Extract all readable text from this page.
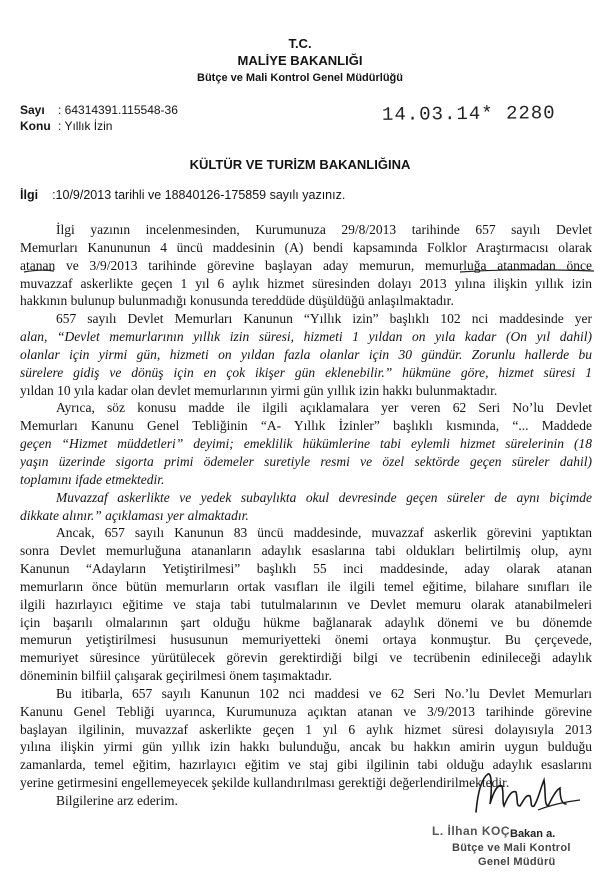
T.C.
MALİYE BAKANLIĞI
Bütçe ve Mali Kontrol Genel Müdürlüğü
Sayı : 64314391.115548-36
Konu : Yıllık İzin
14.03.14* 2280
KÜLTÜR VE TURİZM BAKANLIĞINA
İlgi :10/9/2013 tarihli ve 18840126-175859 sayılı yazınız.
İlgi yazının incelenmesinden, Kurumunuza 29/8/2013 tarihinde 657 sayılı Devlet
Memurları Kanununun 4 üncü maddesinin (A) bendi kapsamında Folklor Araştırmacısı olarak
atanan ve 3/9/2013 tarihinde görevine başlayan aday memurun, memurluğa atanmadan önce
muvazzaf askerlikte geçen 1 yıl 6 aylık hizmet süresinden dolayı 2013 yılına ilişkin yıllık izin
hakkının bulunup bulunmadığı konusunda tereddüde düşüldüğü anlaşılmaktadır.
657 sayılı Devlet Memurları Kanunun “Yıllık izin” başlıklı 102 nci maddesinde yer
alan, “Devlet memurlarının yıllık izin süresi, hizmeti 1 yıldan on yıla kadar (On yıl dahil)
olanlar için yirmi gün, hizmeti on yıldan fazla olanlar için 30 gündür. Zorunlu hallerde bu
sürelere gidiş ve dönüş için en çok ikişer gün eklenebilir.” hükmüne göre, hizmet süresi 1
yıldan 10 yıla kadar olan devlet memurlarının yirmi gün yıllık izin hakkı bulunmaktadır.
Ayrıca, söz konusu madde ile ilgili açıklamalara yer veren 62 Seri No’lu Devlet
Memurları Kanunu Genel Tebliğinin “A- Yıllık İzinler” başlıklı kısmında, “... Maddede
geçen “Hizmet müddetleri” deyimi; emeklilik hükümlerine tabi eylemli hizmet sürelerinin (18
yaşın üzerinde sigorta primi ödemeler suretiyle resmi ve özel sektörde geçen süreler dahil)
toplamını ifade etmektedir.
Muvazzaf askerlikte ve yedek subaylıkta okul devresinde geçen süreler de aynı biçimde
dikkate alınır.” açıklaması yer almaktadır.
Ancak, 657 sayılı Kanunun 83 üncü maddesinde, muvazzaf askerlik görevini yaptıktan
sonra Devlet memurluğuna atananların adaylık esaslarına tabi oldukları belirtilmiş olup, aynı
Kanunun “Adayların Yetiştirilmesi” başlıklı 55 inci maddesinde, aday olarak atanan
memurların önce bütün memurların ortak vasıfları ile ilgili temel eğitime, bilahare sınıfları ile
ilgili hazırlayıcı eğitime ve staja tabi tutulmalarının ve Devlet memuru olarak atanabilmeleri
için başarılı olmalarının şart olduğu hükme bağlanarak adaylık dönemi ve bu dönemde
memurun yetiştirilmesi hususunun memuriyetteki önemi ortaya konmuştur. Bu çerçevede,
memuriyet süresince yürütülecek görevin gerektirdiği bilgi ve tecrübenin edinileceği adaylık
döneminin bilfiil çalışarak geçirilmesi önem taşımaktadır.
Bu itibarla, 657 sayılı Kanunun 102 nci maddesi ve 62 Seri No.’lu Devlet Memurları
Kanunu Genel Tebliği uyarınca, Kurumunuza açıktan atanan ve 3/9/2013 tarihinde görevine
başlayan ilgilinin, muvazzaf askerlikte geçen 1 yıl 6 aylık hizmet süresi dolayısıyla 2013
yılına ilişkin yirmi gün yıllık izin hakkı bulunduğu, ancak bu hakkın amirin uygun bulduğu
zamanlarda, temel eğitim, hazırlayıcı eğitim ve staj gibi ilgilinin tabi olduğu adaylık esaslarını
yerine getirmesini engellemeyecek şekilde kullandırılması gerektiği değerlendirilmektedir.
Bilgilerine arz ederim.
L. İlhan KOÇ Bakan a.
Bütçe ve Mali Kontrol
Genel Müdürü
